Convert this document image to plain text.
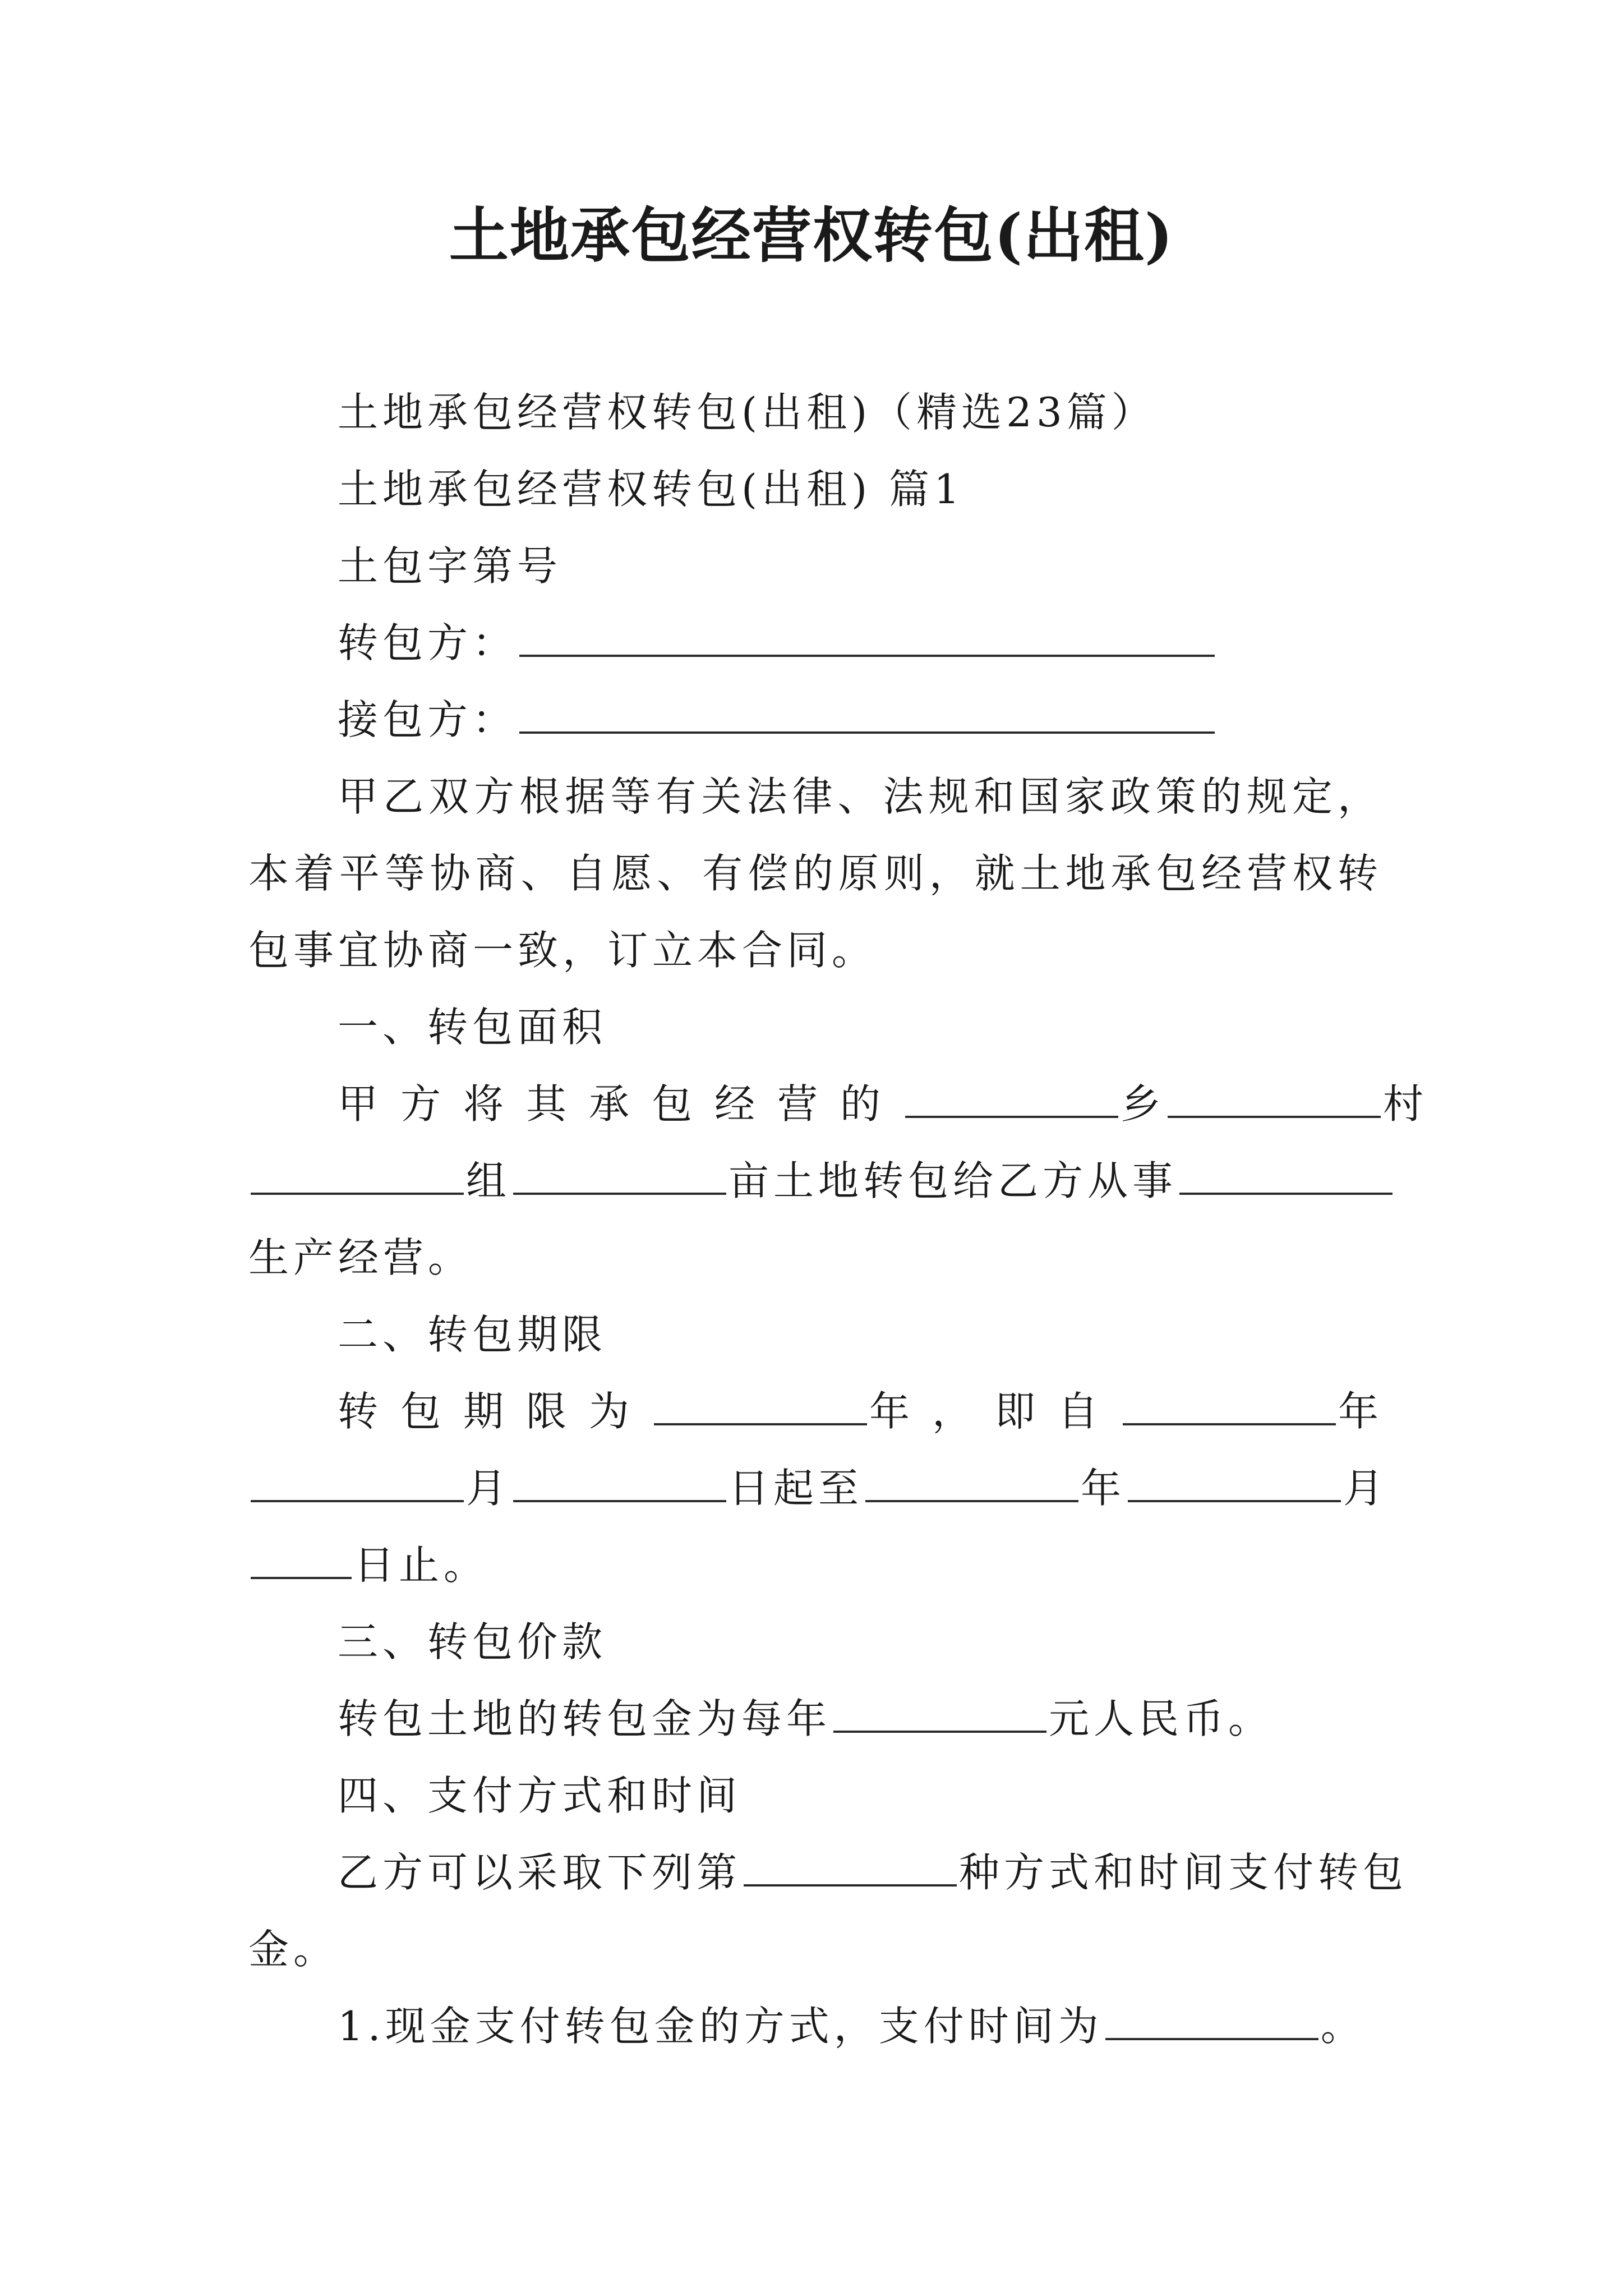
土地承包经营权转包(出租)
土地承包经营权转包(出租)（精选23篇）
土地承包经营权转包(出租) 篇1
土包字第号
转包方：
接包方：
甲乙双方根据等有关法律、法规和国家政策的规定，本着平等协商、自愿、有偿的原则，就土地承包经营权转包事宜协商一致，订立本合同。
一、转包面积
甲方将其承包经营的	乡	村
组	亩土地转包给乙方从事
生产经营。
二、转包期限
转包期限为	年，即自	年
月	日起至	年	月
日止。
三、转包价款
转包土地的转包金为每年	元人民币。
四、支付方式和时间
乙方可以采取下列第	种方式和时间支付转包
金。
1.现金支付转包金的方式，支付时间为	。
